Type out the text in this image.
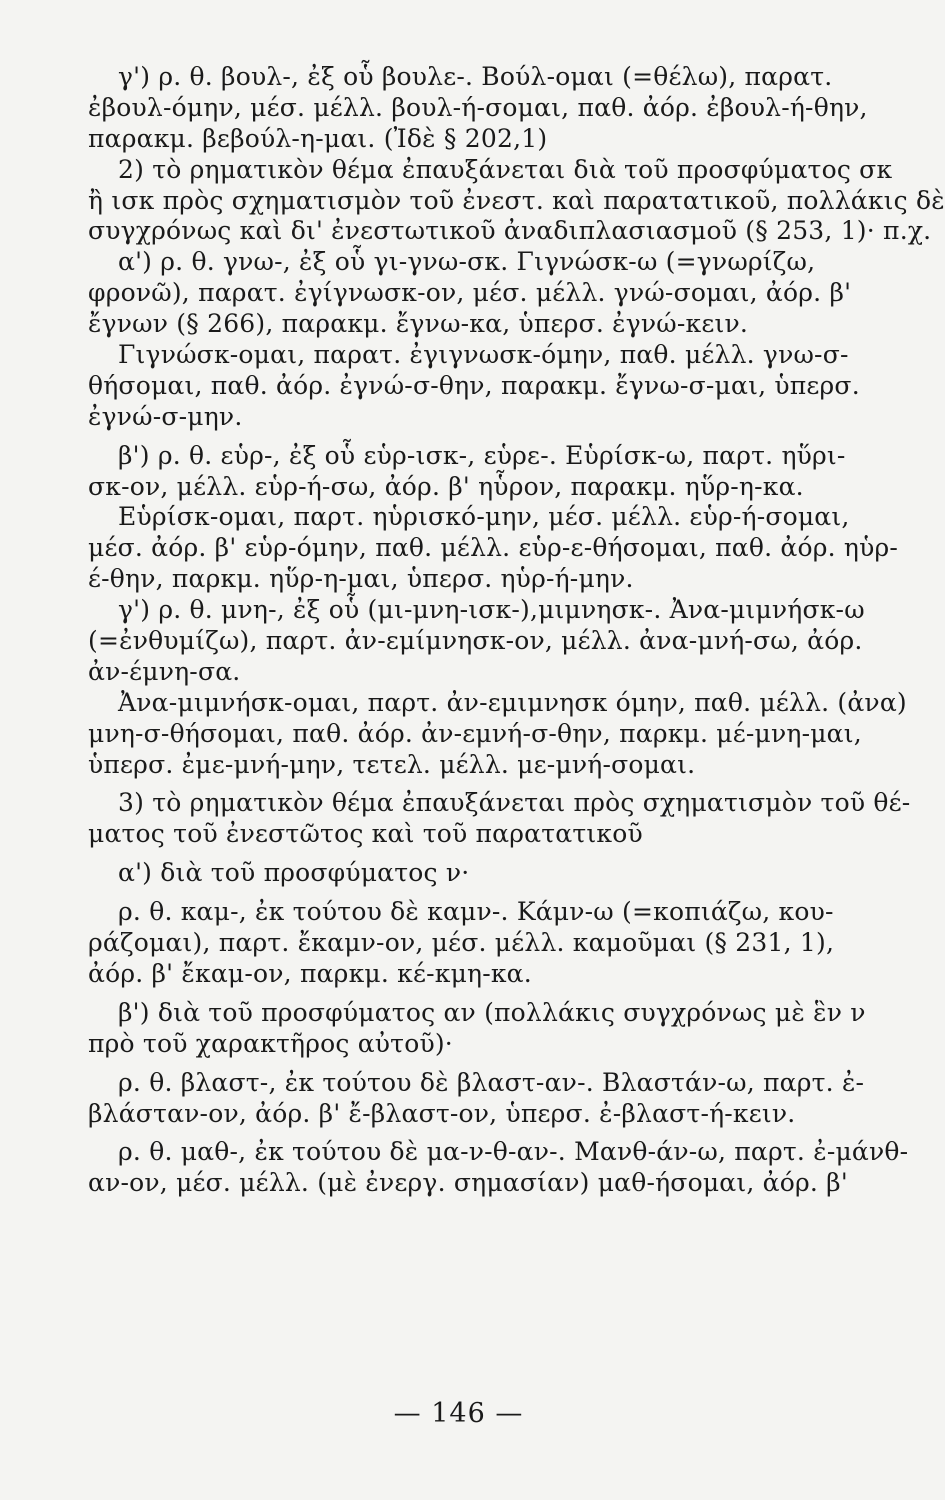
γ') ρ. θ. βουλ-, ἐξ οὗ βουλε-. Βούλ-ομαι (=θέλω), παρατ.
ἐβουλ-όμην, μέσ. μέλλ. βουλ-ή-σομαι, παθ. ἀόρ. ἐβουλ-ή-θην,
παρακμ. βεβούλ-η-μαι. (Ἰδὲ § 202,1)
2) τὸ ρηματικὸν θέμα ἐπαυξάνεται διὰ τοῦ προσφύματος σκ
ἢ ισκ πρὸς σχηματισμὸν τοῦ ἐνεστ. καὶ παρατατικοῦ, πολλάκις δὲ
συγχρόνως καὶ δι' ἐνεστωτικοῦ ἀναδιπλασιασμοῦ (§ 253, 1)· π.χ.
α') ρ. θ. γνω-, ἐξ οὗ γι-γνω-σκ. Γιγνώσκ-ω (=γνωρίζω,
φρονῶ), παρατ. ἐγίγνωσκ-ον, μέσ. μέλλ. γνώ-σομαι, ἀόρ. β'
ἔγνων (§ 266), παρακμ. ἔγνω-κα, ὑπερσ. ἐγνώ-κειν.
Γιγνώσκ-ομαι, παρατ. ἐγιγνωσκ-όμην, παθ. μέλλ. γνω-σ-
θήσομαι, παθ. ἀόρ. ἐγνώ-σ-θην, παρακμ. ἔγνω-σ-μαι, ὑπερσ.
ἐγνώ-σ-μην.
β') ρ. θ. εὑρ-, ἐξ οὗ εὑρ-ισκ-, εὑρε-. Εὑρίσκ-ω, παρτ. ηὕρι-
σκ-ον, μέλλ. εὑρ-ή-σω, ἀόρ. β' ηὗρον, παρακμ. ηὕρ-η-κα.
Εὑρίσκ-ομαι, παρτ. ηὑρισκό-μην, μέσ. μέλλ. εὑρ-ή-σομαι,
μέσ. ἀόρ. β' εὑρ-όμην, παθ. μέλλ. εὑρ-ε-θήσομαι, παθ. ἀόρ. ηὑρ-
έ-θην, παρκμ. ηὕρ-η-μαι, ὑπερσ. ηὑρ-ή-μην.
γ') ρ. θ. μνη-, ἐξ οὗ (μι-μνη-ισκ-),μιμνησκ-. Ἀνα-μιμνήσκ-ω
(=ἐνθυμίζω), παρτ. ἀν-εμίμνησκ-ον, μέλλ. ἀνα-μνή-σω, ἀόρ.
ἀν-έμνη-σα.
Ἀνα-μιμνήσκ-ομαι, παρτ. ἀν-εμιμνησκ όμην, παθ. μέλλ. (ἀνα)
μνη-σ-θήσομαι, παθ. ἀόρ. ἀν-εμνή-σ-θην, παρκμ. μέ-μνη-μαι,
ὑπερσ. ἐμε-μνή-μην, τετελ. μέλλ. με-μνή-σομαι.
3) τὸ ρηματικὸν θέμα ἐπαυξάνεται πρὸς σχηματισμὸν τοῦ θέ-
ματος τοῦ ἐνεστῶτος καὶ τοῦ παρατατικοῦ
α') διὰ τοῦ προσφύματος ν·
ρ. θ. καμ-, ἐκ τούτου δὲ καμν-. Κάμν-ω (=κοπιάζω, κου-
ράζομαι), παρτ. ἔκαμν-ον, μέσ. μέλλ. καμοῦμαι (§ 231, 1),
ἀόρ. β' ἔκαμ-ον, παρκμ. κέ-κμη-κα.
β') διὰ τοῦ προσφύματος αν (πολλάκις συγχρόνως μὲ ἓν ν
πρὸ τοῦ χαρακτῆρος αὐτοῦ)·
ρ. θ. βλαστ-, ἐκ τούτου δὲ βλαστ-αν-. Βλαστάν-ω, παρτ. ἐ-
βλάσταν-ον, ἀόρ. β' ἔ-βλαστ-ον, ὑπερσ. ἐ-βλαστ-ή-κειν.
ρ. θ. μαθ-, ἐκ τούτου δὲ μα-ν-θ-αν-. Μανθ-άν-ω, παρτ. ἐ-μάνθ-
αν-ον, μέσ. μέλλ. (μὲ ἐνεργ. σημασίαν) μαθ-ήσομαι, ἀόρ. β'
— 146 —
